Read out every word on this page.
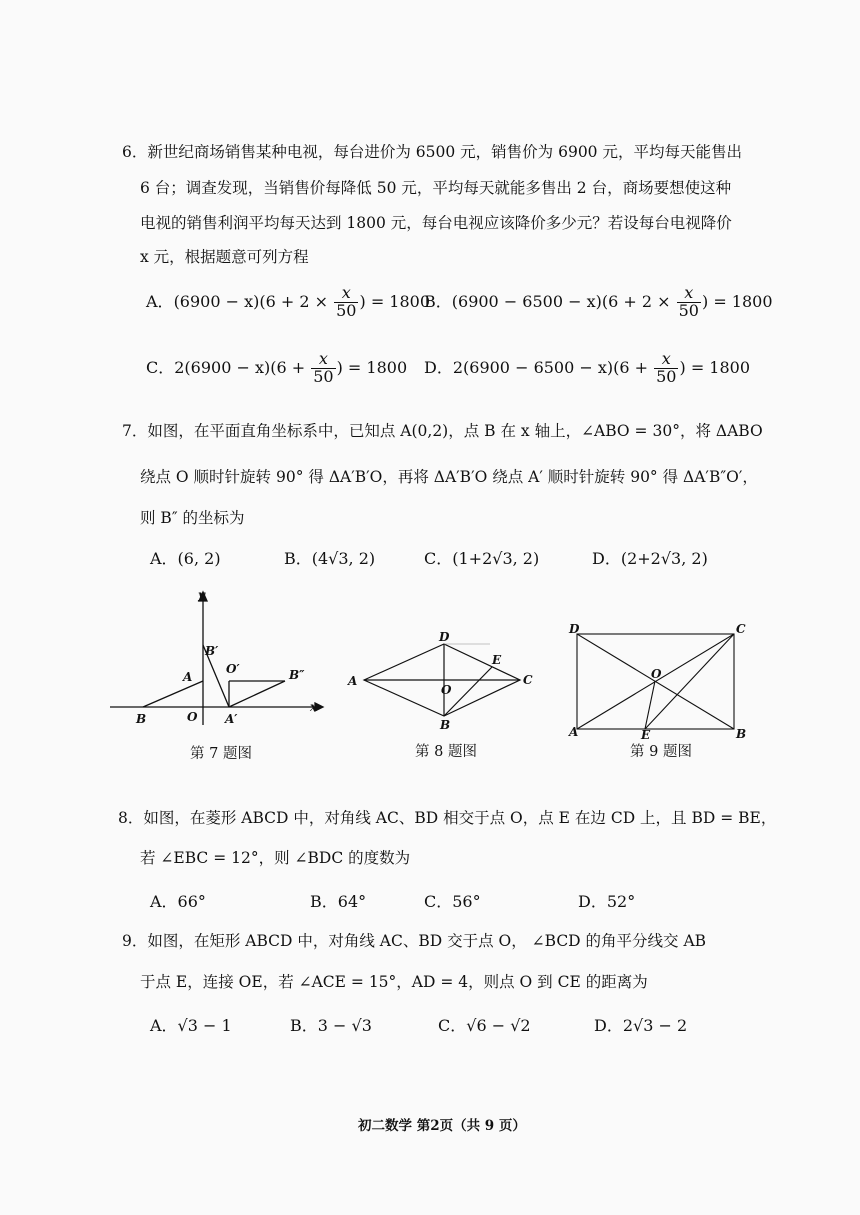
6．新世纪商场销售某种电视，每台进价为 6500 元，销售价为 6900 元，平均每天能售出
6 台；调查发现，当销售价每降低 50 元，平均每天就能多售出 2 台，商场要想使这种
电视的销售利润平均每天达到 1800 元，每台电视应该降价多少元？若设每台电视降价
x 元，根据题意可列方程
A．$(6900 - x)(6 + 2 \times \frac{x}{50}$ ) = 1800
B．$(6900 - 6500 - x)(6 + 2 \times \frac{x}{50}$ ) = 1800
C．$2(6900 - x)(6 + \frac{x}{50}$ ) = 1800 D．$2(6900 - 6500 - x)(6 + \frac{x}{50}$ ) = 1800
7．如图，在平面直角坐标系中，已知点 A(0,2)，点 B 在 x 轴上，∠ABO = 30°，将 ΔABO
绕点 O 顺时针旋转 90° 得 ΔA′B′O，再将 ΔA′B′O 绕点 A′ 顺时针旋转 90° 得 ΔA′B″O′，
则 B″ 的坐标为
A．(6, 2)	B．(4√3, 2)	C．(1+2√3, 2)	D．(2+2√3, 2)
y
x
B′
A
O′	B″
B	O A′
第 7 题图
D
E
A
O
C
B
第 8 题图
D	C
O
A	E	B
第 9 题图
8．如图，在菱形 ABCD 中，对角线 AC、BD 相交于点 O，点 E 在边 CD 上，且 BD = BE，
若 ∠EBC = 12°，则 ∠BDC 的度数为
A．66°	B．64°	C．56°	D．52°
9．如图，在矩形 ABCD 中，对角线 AC、BD 交于点 O， ∠BCD 的角平分线交 AB
于点 E，连接 OE，若 ∠ACE = 15°，AD = 4，则点 O 到 CE 的距离为
A．√3 − 1	B．3 − √3	C．√6 − √2	D．2√3 − 2
初二数学 第2页（共 9 页）
